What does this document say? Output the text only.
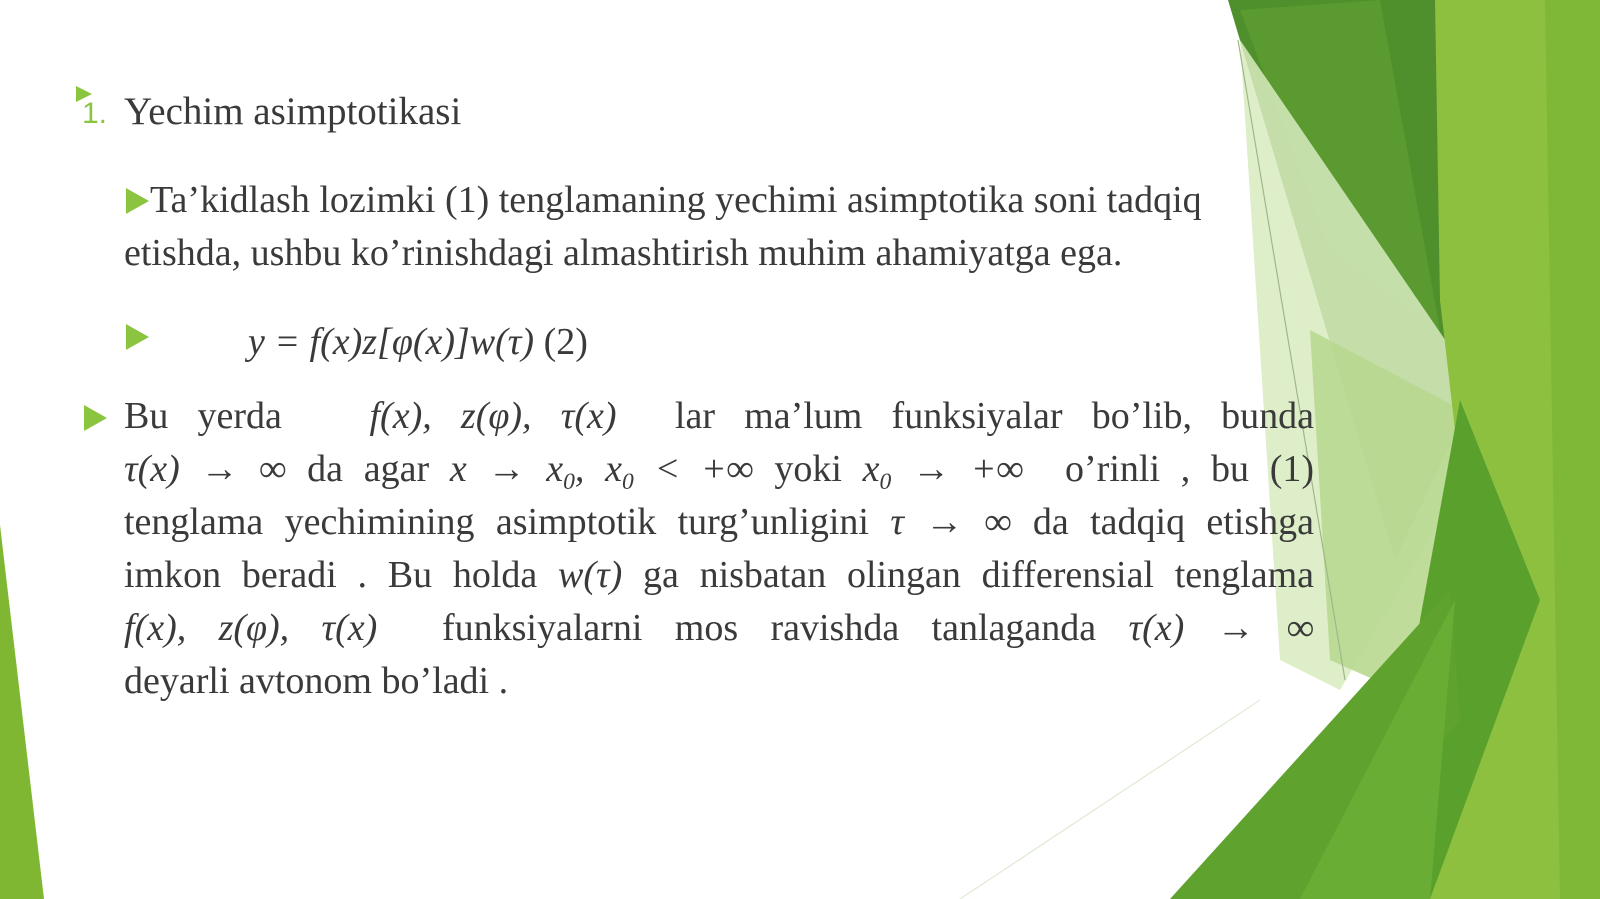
1. Yechim asimptotikasi
Ta’kidlash lozimki (1) tenglamaning yechimi asimptotika soni tadqiq
etishda, ushbu ko’rinishdagi almashtirish muhim ahamiyatga ega.
y = f(x)z[φ(x)]w(τ) (2)
Bu yerda f(x), z(φ), τ(x) lar ma’lum funksiyalar bo’lib, bunda
τ(x) → ∞ da agar $x \to x_0$, $x_0$ < +∞ yoki $x_0$ → +∞ o’rinli , bu (1)
tenglama yechimining asimptotik turg’unligini τ → ∞ da tadqiq etishga
imkon beradi . Bu holda w(τ) ga nisbatan olingan differensial tenglama
f(x), z(φ), τ(x) funksiyalarni mos ravishda tanlaganda τ(x) → ∞
deyarli avtonom bo’ladi .
